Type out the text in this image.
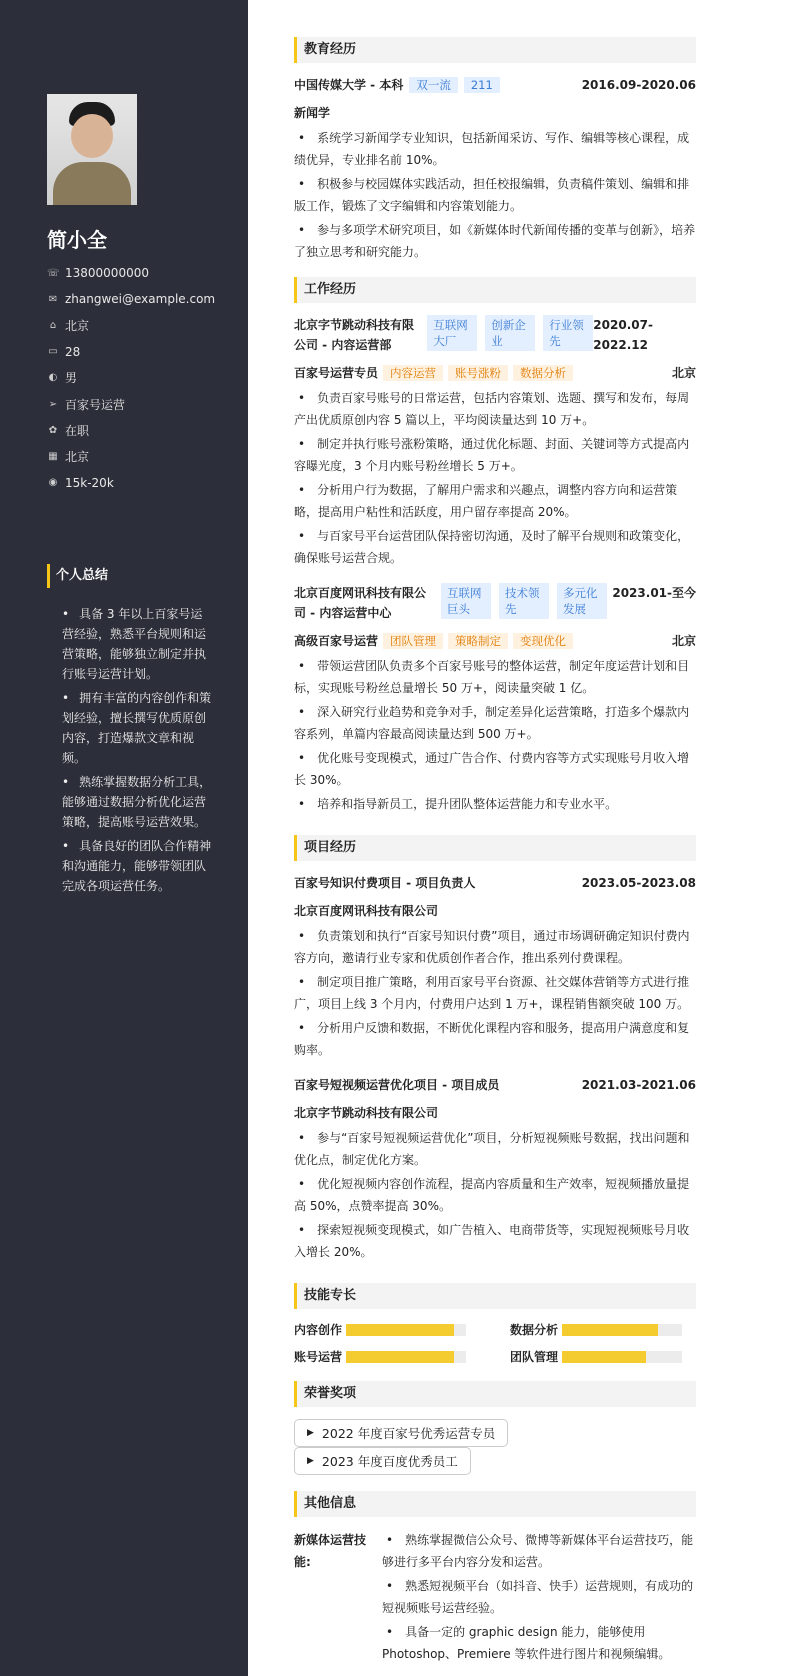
简小全
☏ 13800000000
✉ zhangwei@example.com
⌂ 北京
▭ 28
◐ 男
➢ 百家号运营
✿ 在职
▦ 北京
◉ 15k-20k
个人总结
• 具备 3 年以上百家号运营经验，熟悉平台规则和运营策略，能够独立制定并执行账号运营计划。
• 拥有丰富的内容创作和策划经验，擅长撰写优质原创内容，打造爆款文章和视频。
• 熟练掌握数据分析工具，能够通过数据分析优化运营策略，提高账号运营效果。
• 具备良好的团队合作精神和沟通能力，能够带领团队完成各项运营任务。
教育经历
中国传媒大学 - 本科 双一流 211	2016.09-2020.06
新闻学
• 系统学习新闻学专业知识，包括新闻采访、写作、编辑等核心课程，成绩优异，专业排名前 10%。
• 积极参与校园媒体实践活动，担任校报编辑，负责稿件策划、编辑和排版工作，锻炼了文字编辑和内容策划能力。
• 参与多项学术研究项目，如《新媒体时代新闻传播的变革与创新》，培养了独立思考和研究能力。
工作经历
北京字节跳动科技有限公司 - 内容运营部
互联网大厂
创新企业
行业领先
2020.07-2022.12
百家号运营专员 内容运营 账号涨粉 数据分析	北京
• 负责百家号账号的日常运营，包括内容策划、选题、撰写和发布，每周产出优质原创内容 5 篇以上，平均阅读量达到 10 万+。
• 制定并执行账号涨粉策略，通过优化标题、封面、关键词等方式提高内容曝光度，3 个月内账号粉丝增长 5 万+。
• 分析用户行为数据，了解用户需求和兴趣点，调整内容方向和运营策略，提高用户粘性和活跃度，用户留存率提高 20%。
• 与百家号平台运营团队保持密切沟通，及时了解平台规则和政策变化，确保账号运营合规。
北京百度网讯科技有限公司 - 内容运营中心
互联网巨头
技术领先
多元化发展
2023.01-至今
高级百家号运营 团队管理 策略制定 变现优化	北京
• 带领运营团队负责多个百家号账号的整体运营，制定年度运营计划和目标，实现账号粉丝总量增长 50 万+，阅读量突破 1 亿。
• 深入研究行业趋势和竞争对手，制定差异化运营策略，打造多个爆款内容系列，单篇内容最高阅读量达到 500 万+。
• 优化账号变现模式，通过广告合作、付费内容等方式实现账号月收入增长 30%。
• 培养和指导新员工，提升团队整体运营能力和专业水平。
项目经历
百家号知识付费项目 - 项目负责人	2023.05-2023.08
北京百度网讯科技有限公司
• 负责策划和执行“百家号知识付费”项目，通过市场调研确定知识付费内容方向，邀请行业专家和优质创作者合作，推出系列付费课程。
• 制定项目推广策略，利用百家号平台资源、社交媒体营销等方式进行推广，项目上线 3 个月内，付费用户达到 1 万+，课程销售额突破 100 万。
• 分析用户反馈和数据，不断优化课程内容和服务，提高用户满意度和复购率。
百家号短视频运营优化项目 - 项目成员	2021.03-2021.06
北京字节跳动科技有限公司
• 参与“百家号短视频运营优化”项目，分析短视频账号数据，找出问题和优化点，制定优化方案。
• 优化短视频内容创作流程，提高内容质量和生产效率，短视频播放量提高 50%，点赞率提高 30%。
• 探索短视频变现模式，如广告植入、电商带货等，实现短视频账号月收入增长 20%。
技能专长
内容创作	数据分析
账号运营	团队管理
荣誉奖项
▶ 2022 年度百家号优秀运营专员
▶ 2023 年度百度优秀员工
其他信息
新媒体运营技能:
• 熟练掌握微信公众号、微博等新媒体平台运营技巧，能够进行多平台内容分发和运营。
• 熟悉短视频平台（如抖音、快手）运营规则，有成功的短视频账号运营经验。
• 具备一定的 graphic design 能力，能够使用 Photoshop、Premiere 等软件进行图片和视频编辑。
